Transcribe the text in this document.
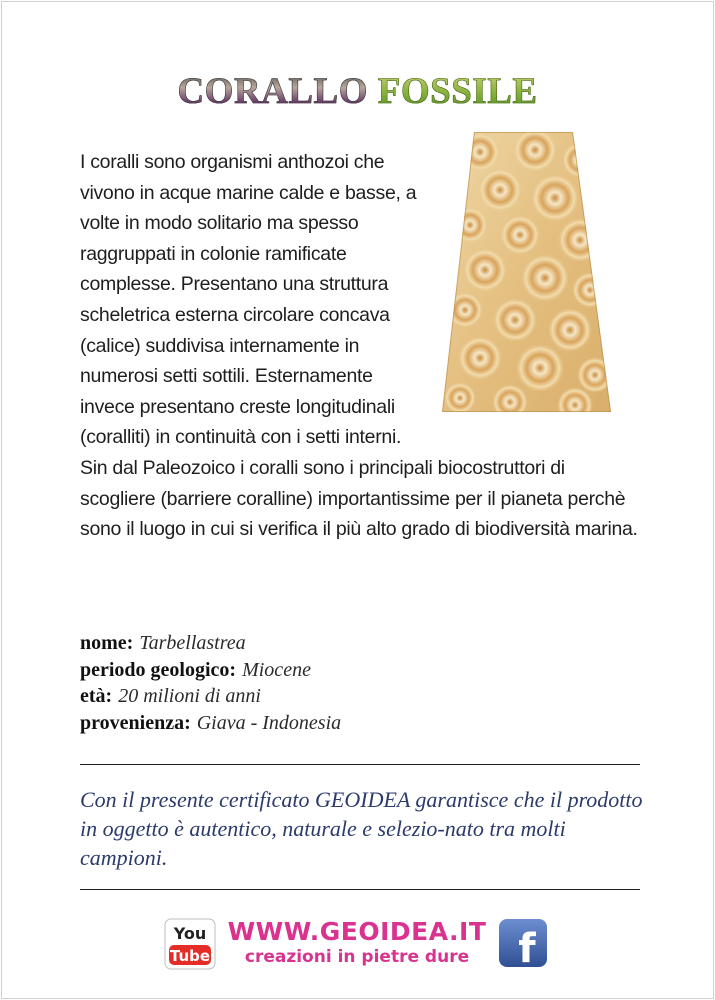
CORALLO FOSSILE

I coralli sono organismi anthozoi che vivono in acque marine calde e basse, a volte in modo solitario ma spesso raggruppati in colonie ramificate complesse. Presentano una struttura scheletrica esterna circolare concava (calice) suddivisa internamente in numerosi setti sottili. Esternamente invece presentano creste longitudinali (coralliti) in continuità con i setti interni.

Sin dal Paleozoico i coralli sono i principali biocostruttori di scogliere (barriere coralline) importantissime per il pianeta perchè sono il luogo in cui si verifica il più alto grado di biodiversità marina.

nome: Tarbellastrea
periodo geologico: Miocene
età: 20 milioni di anni
provenienza: Giava - Indonesia
Con il presente certificato GEOIDEA garantisce che il prodotto in oggetto è autentico, naturale e selezio-nato tra molti campioni.
You
Tube
WWW.GEOIDEA.IT
creazioni in pietre dure	f
